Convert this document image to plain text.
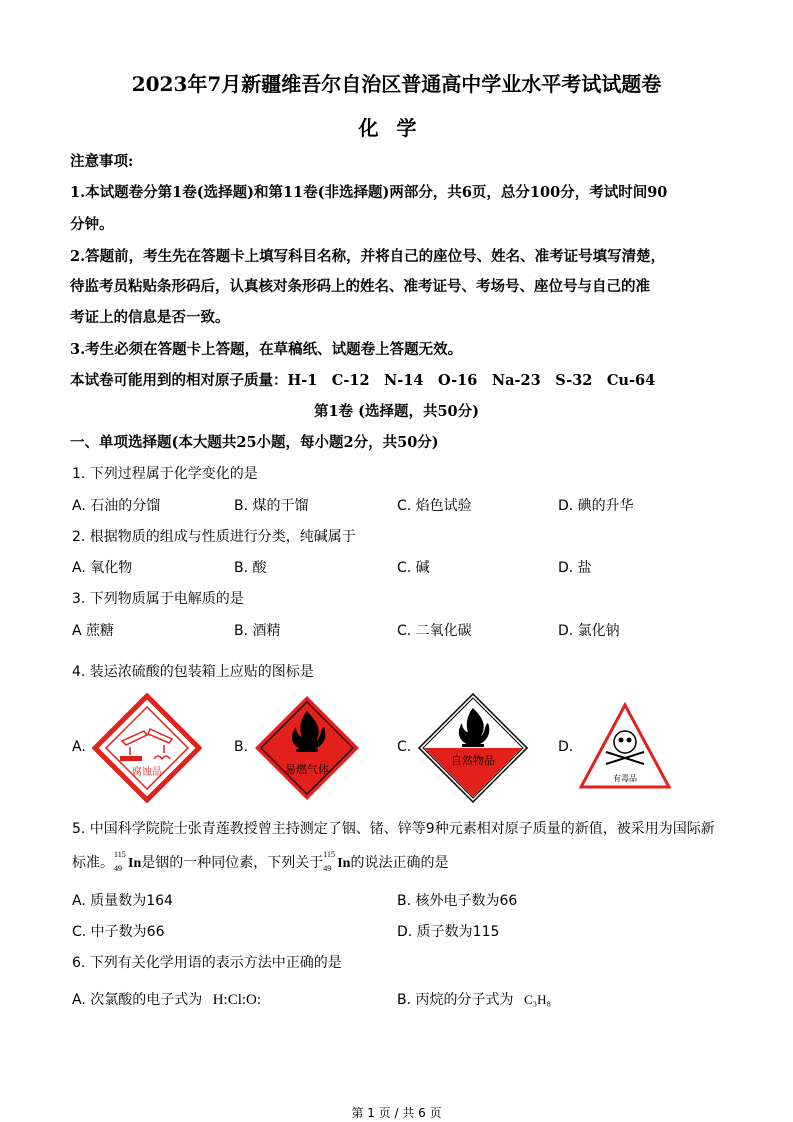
2023年7月新疆维吾尔自治区普通高中学业水平考试试题卷
化学
注意事项:
1.本试题卷分第1卷(选择题)和第11卷(非选择题)两部分，共6页，总分100分，考试时间90
分钟。
2.答题前，考生先在答题卡上填写科目名称，并将自己的座位号、姓名、准考证号填写清楚，
待监考员粘贴条形码后，认真核对条形码上的姓名、准考证号、考场号、座位号与自己的准
考证上的信息是否一致。
3.考生必须在答题卡上答题，在草稿纸、试题卷上答题无效。
本试卷可能用到的相对原子质量：H-1　C-12　N-14　O-16　Na-23　S-32　Cu-64
第1卷 (选择题，共50分)
一、单项选择题(本大题共25小题，每小题2分，共50分)
1. 下列过程属于化学变化的是
A. 石油的分馏	B. 煤的干馏	C. 焰色试验	D. 碘的升华
2. 根据物质的组成与性质进行分类，纯碱属于
A. 氧化物	B. 酸	C. 碱	D. 盐
3. 下列物质属于电解质的是
A 蔗糖	B. 酒精	C. 二氧化碳	D. 氯化钠
4. 装运浓硫酸的包装箱上应贴的图标是
A.	B.	C.	D.
腐蚀品	易燃气体
自然物品
有毒品
5. 中国科学院院士张青莲教授曾主持测定了铟、锗、锌等9种元素相对原子质量的新值，被采用为国际新
标准。
115
49 In是铟的一种同位素，下列关于
115
49 In的说法正确的是
A. 质量数为164	B. 核外电子数为66
C. 中子数为66	D. 质子数为115
6. 下列有关化学用语的表示方法中正确的是
A. 次氯酸的电子式为 H:Cl:O:	B. 丙烷的分子式为 C₃H₈
第 1 页 / 共 6 页
